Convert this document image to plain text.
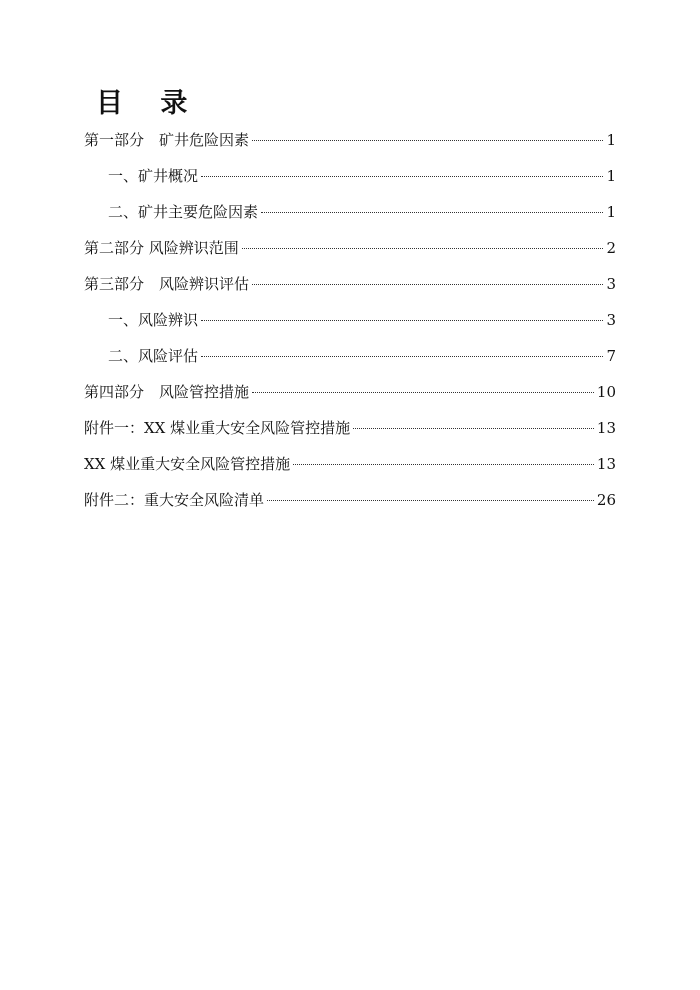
目 录
第一部分　矿井危险因素	1
一、矿井概况	1
二、矿井主要危险因素	1
第二部分 风险辨识范围	2
第三部分　风险辨识评估	3
一、风险辨识	3
二、风险评估	7
第四部分　风险管控措施	10
附件一：XX 煤业重大安全风险管控措施	13
XX 煤业重大安全风险管控措施	13
附件二：重大安全风险清单	26
